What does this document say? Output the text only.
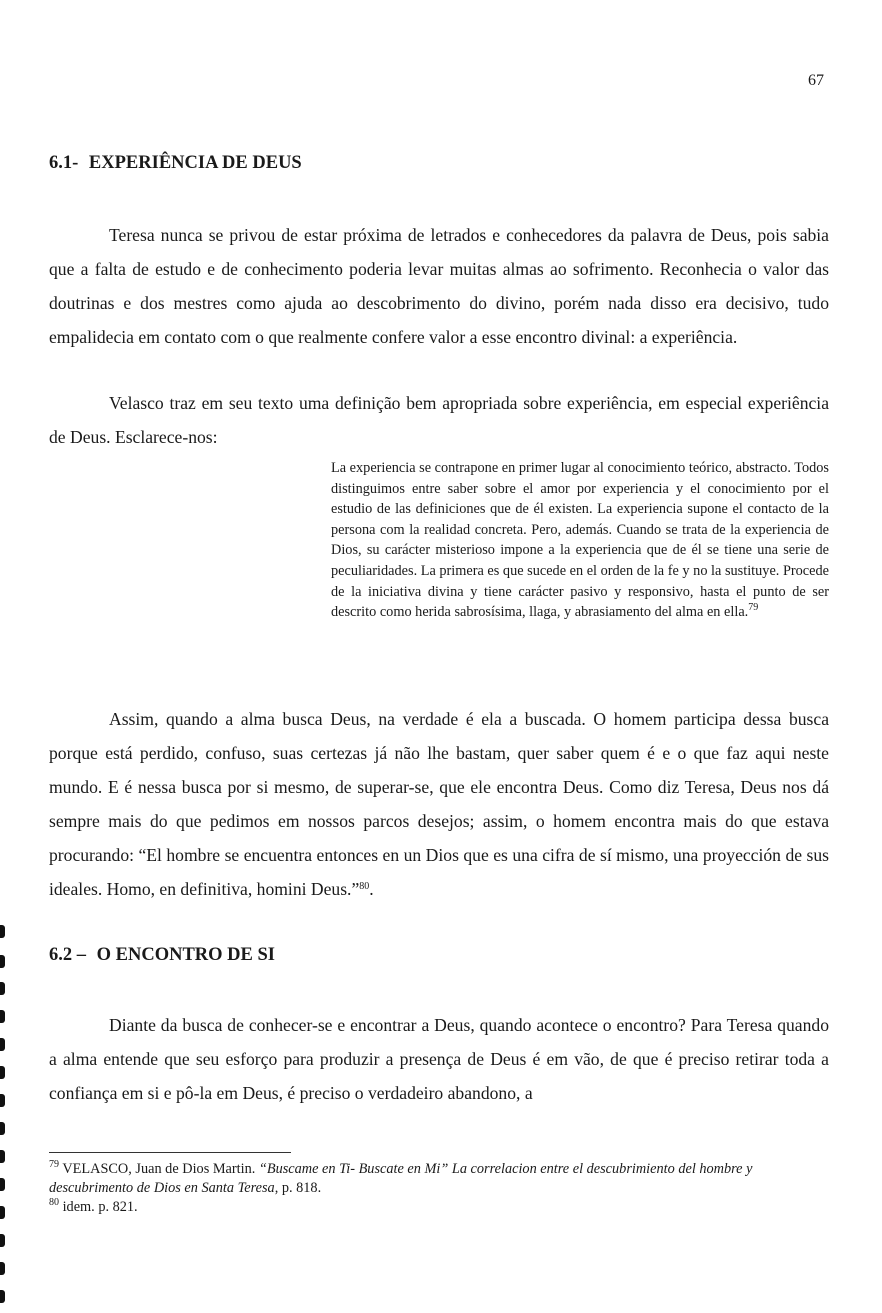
67
6.1- EXPERIÊNCIA DE DEUS

Teresa nunca se privou de estar próxima de letrados e conhecedores da palavra de Deus, pois sabia que a falta de estudo e de conhecimento poderia levar muitas almas ao sofrimento. Reconhecia o valor das doutrinas e dos mestres como ajuda ao descobrimento do divino, porém nada disso era decisivo, tudo empalidecia em contato com o que realmente confere valor a esse encontro divinal: a experiência.

Velasco traz em seu texto uma definição bem apropriada sobre experiência, em especial experiência de Deus. Esclarece-nos:

La experiencia se contrapone en primer lugar al conocimiento teórico, abstracto. Todos distinguimos entre saber sobre el amor por experiencia y el conocimiento por el estudio de las definiciones que de él existen. La experiencia supone el contacto de la persona com la realidad concreta. Pero, además. Cuando se trata de la experiencia de Dios, su carácter misterioso impone a la experiencia que de él se tiene una serie de peculiaridades. La primera es que sucede en el orden de la fe y no la sustituye. Procede de la iniciativa divina y tiene carácter pasivo y responsivo, hasta el punto de ser descrito como herida sabrosísima, llaga, y abrasiamento del alma en ella.$^{79}$

Assim, quando a alma busca Deus, na verdade é ela a buscada. O homem participa dessa busca porque está perdido, confuso, suas certezas já não lhe bastam, quer saber quem é e o que faz aqui neste mundo. E é nessa busca por si mesmo, de superar-se, que ele encontra Deus. Como diz Teresa, Deus nos dá sempre mais do que pedimos em nossos parcos desejos; assim, o homem encontra mais do que estava procurando: “El hombre se encuentra entonces en un Dios que es una cifra de sí mismo, una proyección de sus ideales. Homo, en definitiva, homini Deus.”$^{80}$.

6.2 – O ENCONTRO DE SI

Diante da busca de conhecer-se e encontrar a Deus, quando acontece o encontro? Para Teresa quando a alma entende que seu esforço para produzir a presença de Deus é em vão, de que é preciso retirar toda a confiança em si e pô-la em Deus, é preciso o verdadeiro abandono, a

$^{79}$ VELASCO, Juan de Dios Martin. “Buscame en Ti- Buscate en Mi” La correlacion entre el descubrimiento del hombre y descubrimento de Dios en Santa Teresa, p. 818.

$^{80}$ idem. p. 821.
